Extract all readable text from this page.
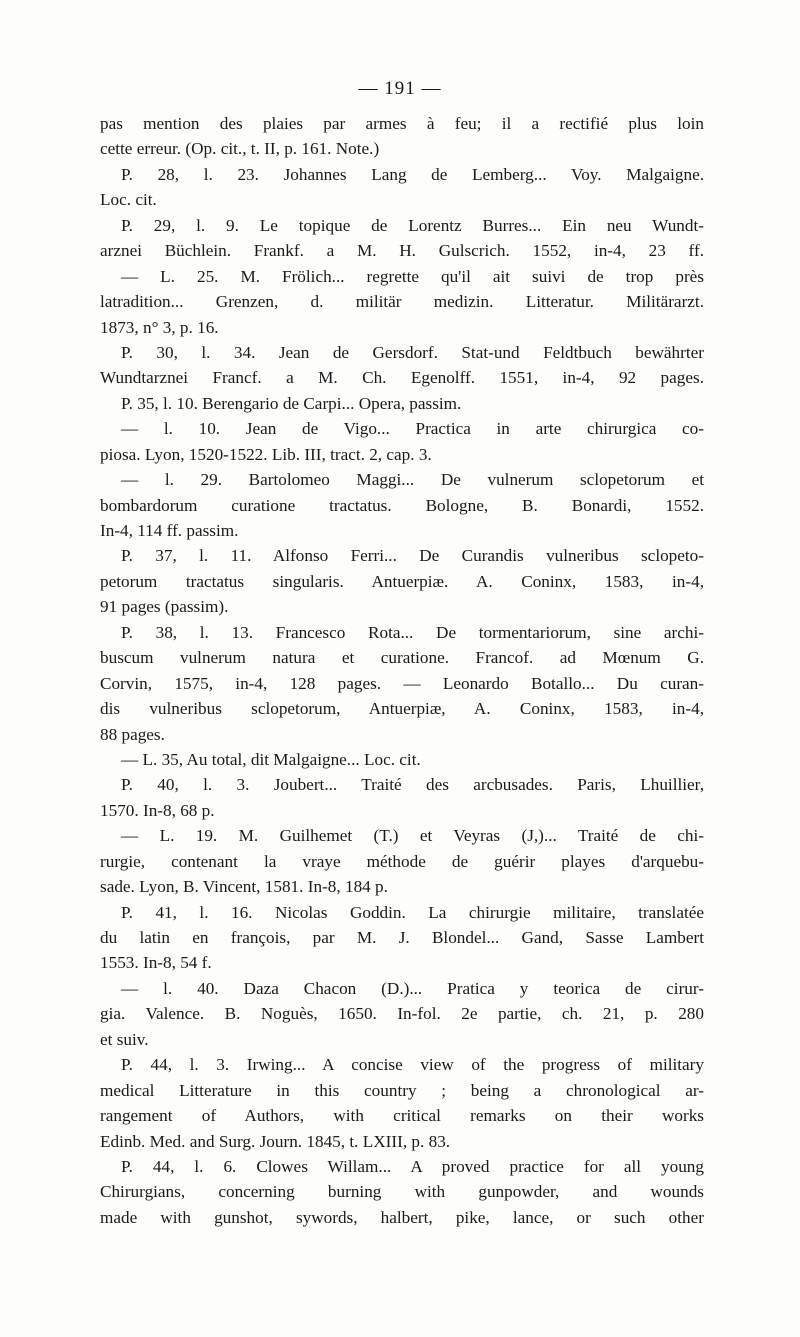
— 191 —
pas mention des plaies par armes à feu; il a rectifié plus loin
cette erreur. (Op. cit., t. II, p. 161. Note.)
P. 28, l. 23. Johannes Lang de Lemberg... Voy. Malgaigne.
Loc. cit.
P. 29, l. 9. Le topique de Lorentz Burres... Ein neu Wundt-
arznei Büchlein. Frankf. a M. H. Gulscrich. 1552, in-4, 23 ff.
— L. 25. M. Frölich... regrette qu'il ait suivi de trop près
latradition... Grenzen, d. militär medizin. Litteratur. Militärarzt.
1873, n° 3, p. 16.
P. 30, l. 34. Jean de Gersdorf. Stat-und Feldtbuch bewährter
Wundtarznei Francf. a M. Ch. Egenolff. 1551, in-4, 92 pages.
P. 35, l. 10. Berengario de Carpi... Opera, passim.
— l. 10. Jean de Vigo... Practica in arte chirurgica co-
piosa. Lyon, 1520-1522. Lib. III, tract. 2, cap. 3.
— l. 29. Bartolomeo Maggi... De vulnerum sclopetorum et
bombardorum curatione tractatus. Bologne, B. Bonardi, 1552.
In-4, 114 ff. passim.
P. 37, l. 11. Alfonso Ferri... De Curandis vulneribus sclopeto-
petorum tractatus singularis. Antuerpiæ. A. Coninx, 1583, in-4,
91 pages (passim).
P. 38, l. 13. Francesco Rota... De tormentariorum, sine archi-
buscum vulnerum natura et curatione. Francof. ad Mœnum G.
Corvin, 1575, in-4, 128 pages. — Leonardo Botallo... Du curan-
dis vulneribus sclopetorum, Antuerpiæ, A. Coninx, 1583, in-4,
88 pages.
— L. 35, Au total, dit Malgaigne... Loc. cit.
P. 40, l. 3. Joubert... Traité des arcbusades. Paris, Lhuillier,
1570. In-8, 68 p.
— L. 19. M. Guilhemet (T.) et Veyras (J,)... Traité de chi-
rurgie, contenant la vraye méthode de guérir playes d'arquebu-
sade. Lyon, B. Vincent, 1581. In-8, 184 p.
P. 41, l. 16. Nicolas Goddin. La chirurgie militaire, translatée
du latin en françois, par M. J. Blondel... Gand, Sasse Lambert
1553. In-8, 54 f.
— l. 40. Daza Chacon (D.)... Pratica y teorica de cirur-
gia. Valence. B. Noguès, 1650. In-fol. 2e partie, ch. 21, p. 280
et suiv.
P. 44, l. 3. Irwing... A concise view of the progress of military
medical Litterature in this country ; being a chronological ar-
rangement of Authors, with critical remarks on their works
Edinb. Med. and Surg. Journ. 1845, t. LXIII, p. 83.
P. 44, l. 6. Clowes Willam... A proved practice for all young
Chirurgians, concerning burning with gunpowder, and wounds
made with gunshot, sywords, halbert, pike, lance, or such other
